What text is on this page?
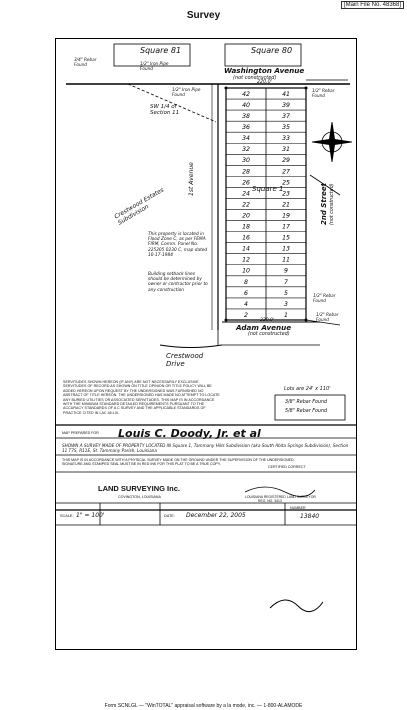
[Main File No. 48368]
Survey
42	41
40	39
38	37
36	35
34	33
32	31
30	29
28	27
26	25
24	23
22	21
20	19
18	17
16	15
14	13
12	11
10	9
8	7
6	5
4	3
2	1
Square 81	Square 80
Washington Avenue
(not constructed)
220.0'
3/4" Rebar Found	1/2" Iron Pipe Found
1/2" Iron Pipe Found
1/2" Rebar Found
1/2" Rebar Found
1/2" Rebar Found
SW 1/4 of Section 11
Crestwood Estates Subdivision
This property is located in Flood Zone C, as per FEMA FIRM, Comm. Panel No. 225205 0230 C, map dated 10-17-1984
Building setback lines should be determined by owner or contractor prior to any construction
1st Avenue	Square 1	2nd Street (not constructed)
Adam Avenue
(not constructed)
220.0'
Crestwood Drive
SERVITUDES SHOWN HEREON (IF ANY) ARE NOT NECESSARILY EXCLUSIVE. SERVITUDES OF RECORD AS SHOWN ON TITLE OPINION OR TITLE POLICY WILL BE ADDED HEREON UPON REQUEST BY THE UNDERSIGNED WAS FURNISHED NO ABSTRACT OF TITLE HEREON. THE UNDERSIGNED HAS MADE NO ATTEMPT TO LOCATE ANY BURIED UTILITIES OR ASSOCIATED SERVITUDES. THIS MAP IS IN ACCORDANCE WITH THE MINIMUM STANDARD DETAILED REQUIREMENTS PURSUANT TO THE ACCURACY STANDARDS OF A C SURVEY AND THE APPLICABLE STANDARDS OF PRACTICE CITED IN LAC 46:LXI.
Lots are 24' x 110'
3/8" Rebar Found
5/8" Rebar Found
MAP PREPARED FOR Louis C. Doody, Jr. et al
SHOWN A SURVEY MADE OF PROPERTY LOCATED IN Square 1, Tammany Hills Subdivision (aka South Abita Springs Subdivision), Section 11 T7S, R11E, St. Tammany Parish, Louisiana
THIS MAP IS IN ACCORDANCE WITH A PHYSICAL SURVEY MADE ON THE GROUND UNDER THE SUPERVISION OF THE UNDERSIGNED. SIGNATURE AND STAMPED SEAL MUST BE IN RED INK FOR THIS PLAT TO BE A TRUE COPY.
CERTIFIED CORRECT
LAND SURVEYING Inc.
COVINGTON, LOUISIANA	LOUISIANA REGISTERED LAND SURVEYOR
REG. NO. 3413
SCALE: 1" = 100'	DATE: December 22, 2005
NUMBER
13840
Form SCNLGL — "WinTOTAL" appraisal software by a la mode, inc. — 1-800-ALAMODE
